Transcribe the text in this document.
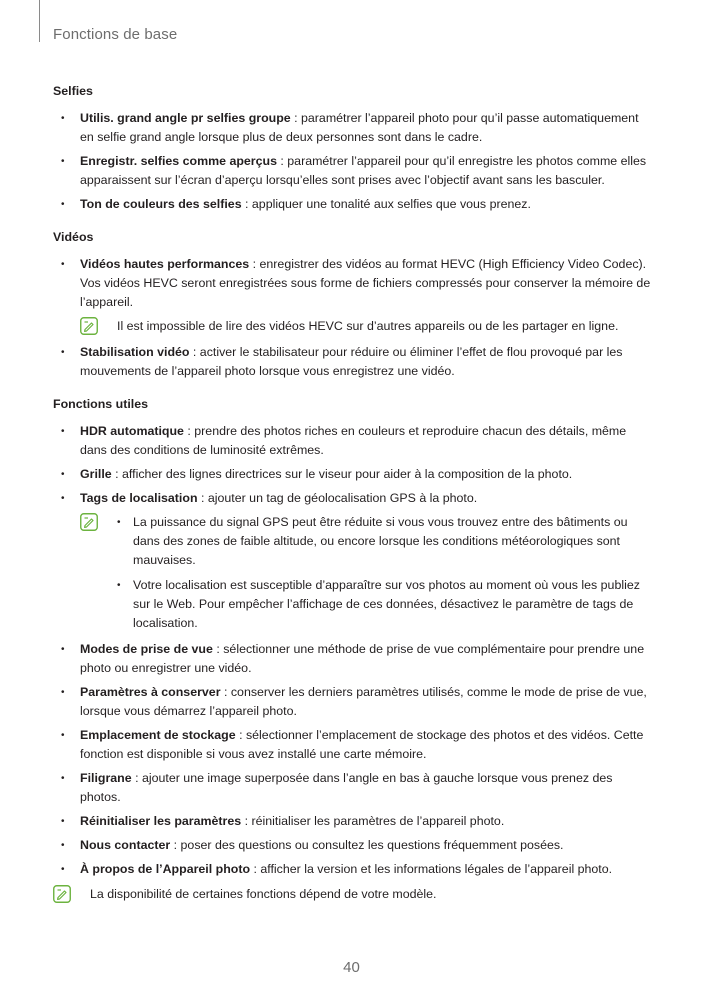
Fonctions de base
Selfies
• Utilis. grand angle pr selfies groupe : paramétrer l’appareil photo pour qu’il passe automatiquement en selfie grand angle lorsque plus de deux personnes sont dans le cadre.
• Enregistr. selfies comme aperçus : paramétrer l’appareil pour qu’il enregistre les photos comme elles apparaissent sur l’écran d’aperçu lorsqu’elles sont prises avec l’objectif avant sans les basculer.
• Ton de couleurs des selfies : appliquer une tonalité aux selfies que vous prenez.
Vidéos
• Vidéos hautes performances : enregistrer des vidéos au format HEVC (High Efficiency Video Codec). Vos vidéos HEVC seront enregistrées sous forme de fichiers compressés pour conserver la mémoire de l’appareil.
Il est impossible de lire des vidéos HEVC sur d’autres appareils ou de les partager en ligne.
• Stabilisation vidéo : activer le stabilisateur pour réduire ou éliminer l’effet de flou provoqué par les mouvements de l’appareil photo lorsque vous enregistrez une vidéo.
Fonctions utiles
• HDR automatique : prendre des photos riches en couleurs et reproduire chacun des détails, même dans des conditions de luminosité extrêmes.
• Grille : afficher des lignes directrices sur le viseur pour aider à la composition de la photo.
• Tags de localisation : ajouter un tag de géolocalisation GPS à la photo.
• La puissance du signal GPS peut être réduite si vous vous trouvez entre des bâtiments ou dans des zones de faible altitude, ou encore lorsque les conditions météorologiques sont mauvaises.
• Votre localisation est susceptible d’apparaître sur vos photos au moment où vous les publiez sur le Web. Pour empêcher l’affichage de ces données, désactivez le paramètre de tags de localisation.
• Modes de prise de vue : sélectionner une méthode de prise de vue complémentaire pour prendre une photo ou enregistrer une vidéo.
• Paramètres à conserver : conserver les derniers paramètres utilisés, comme le mode de prise de vue, lorsque vous démarrez l’appareil photo.
• Emplacement de stockage : sélectionner l’emplacement de stockage des photos et des vidéos. Cette fonction est disponible si vous avez installé une carte mémoire.
• Filigrane : ajouter une image superposée dans l’angle en bas à gauche lorsque vous prenez des photos.
• Réinitialiser les paramètres : réinitialiser les paramètres de l’appareil photo.
• Nous contacter : poser des questions ou consultez les questions fréquemment posées.
• À propos de l’Appareil photo : afficher la version et les informations légales de l’appareil photo.
La disponibilité de certaines fonctions dépend de votre modèle.
40
